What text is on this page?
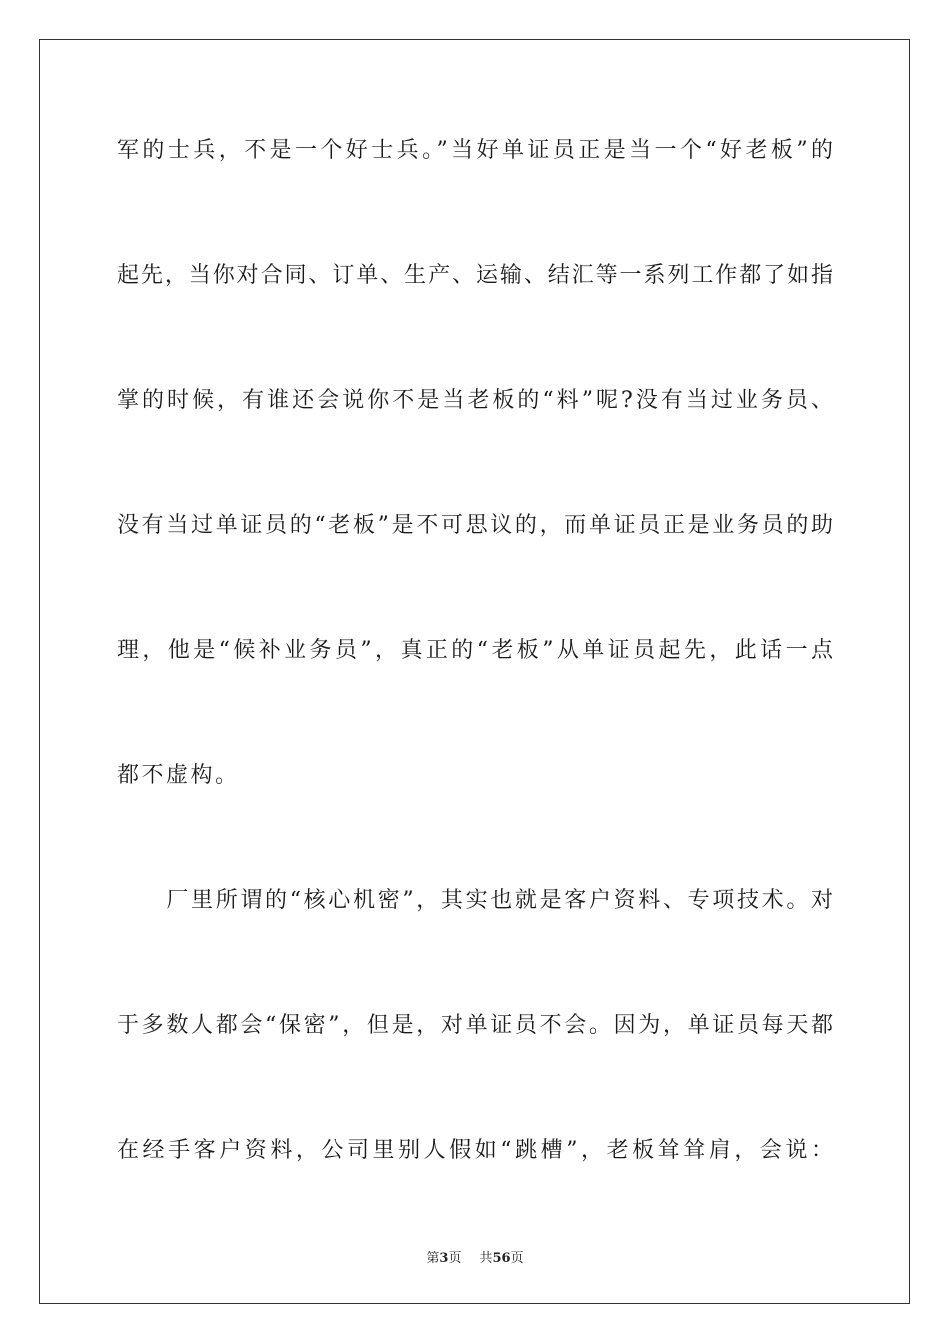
军的士兵，不是一个好士兵。”当好单证员正是当一个“好老板”的
起先，当你对合同、订单、生产、运输、结汇等一系列工作都了如指
掌的时候，有谁还会说你不是当老板的“料”呢?没有当过业务员、
没有当过单证员的“老板”是不可思议的，而单证员正是业务员的助
理，他是“候补业务员”，真正的“老板”从单证员起先，此话一点
都不虚构。
　　厂里所谓的“核心机密”，其实也就是客户资料、专项技术。对
于多数人都会“保密”，但是，对单证员不会。因为，单证员每天都
在经手客户资料，公司里别人假如“跳槽”，老板耸耸肩，会说：
第3页 共56页
